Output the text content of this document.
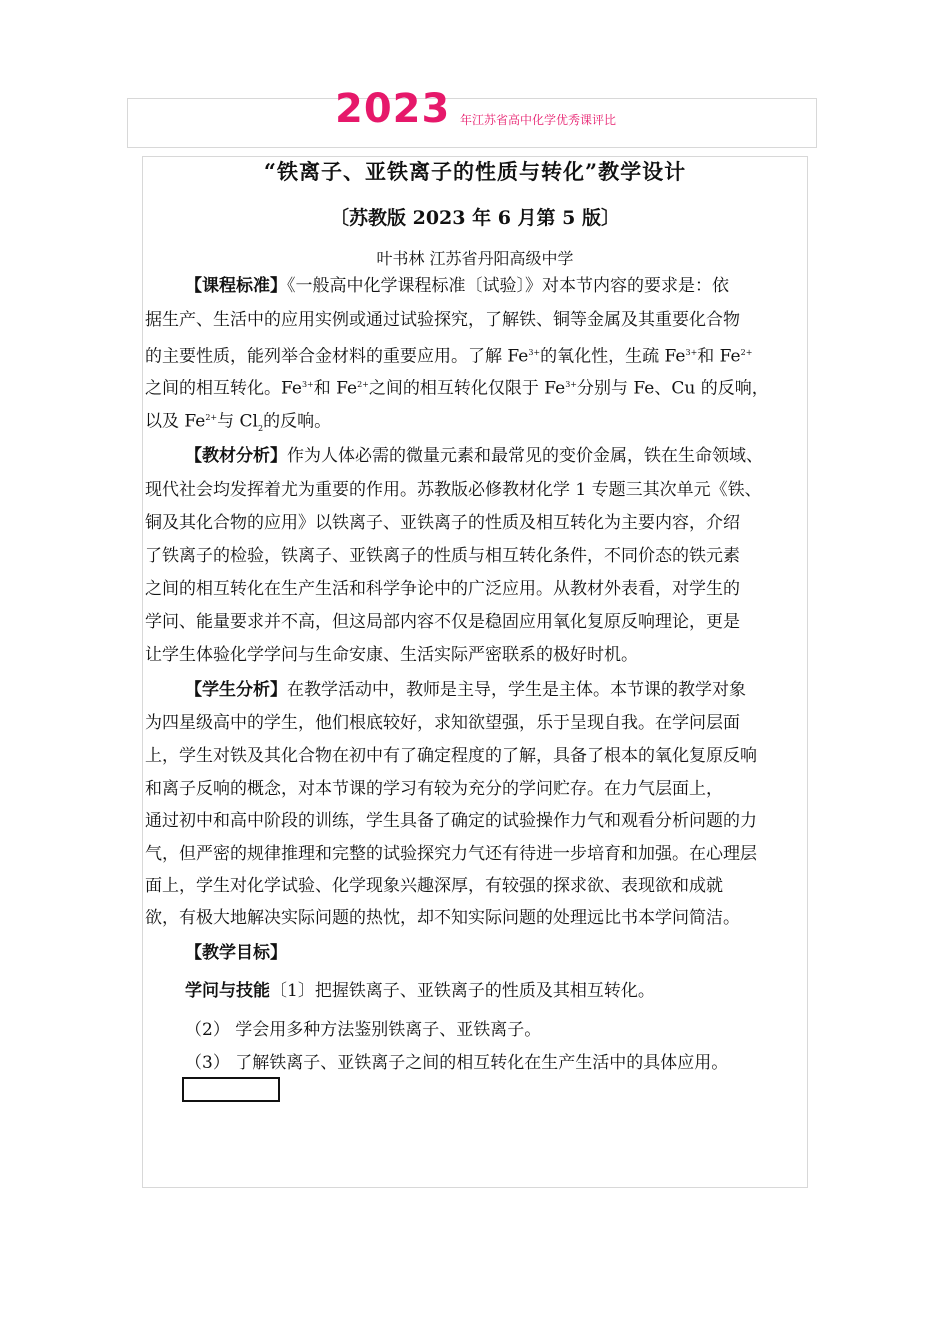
2023 年江苏省高中化学优秀课评比
“铁离子、亚铁离子的性质与转化”教学设计
〔苏教版 2023 年 6 月第 5 版〕
叶书林 江苏省丹阳高级中学
【课程标准】《一般高中化学课程标准〔试验〕》对本节内容的要求是：依
据生产、生活中的应用实例或通过试验探究，了解铁、铜等金属及其重要化合物
的主要性质，能列举合金材料的重要应用。了解 $Fe^{3+}$的氧化性，生疏 $Fe^{3+}$和 $Fe^{2+}$
之间的相互转化。$Fe^{3+}$和 $Fe^{2+}$之间的相互转化仅限于 $Fe^{3+}$分别与 Fe、Cu 的反响，
以及 $Fe^{2+}$与 $Cl_2$的反响。
【教材分析】作为人体必需的微量元素和最常见的变价金属，铁在生命领域、
现代社会均发挥着尤为重要的作用。苏教版必修教材化学 1 专题三其次单元《铁、
铜及其化合物的应用》以铁离子、亚铁离子的性质及相互转化为主要内容，介绍
了铁离子的检验，铁离子、亚铁离子的性质与相互转化条件，不同价态的铁元素
之间的相互转化在生产生活和科学争论中的广泛应用。从教材外表看，对学生的
学问、能量要求并不高，但这局部内容不仅是稳固应用氧化复原反响理论，更是
让学生体验化学学问与生命安康、生活实际严密联系的极好时机。
【学生分析】在教学活动中，教师是主导，学生是主体。本节课的教学对象
为四星级高中的学生，他们根底较好，求知欲望强，乐于呈现自我。在学问层面
上，学生对铁及其化合物在初中有了确定程度的了解，具备了根本的氧化复原反响
和离子反响的概念，对本节课的学习有较为充分的学问贮存。在力气层面上，
通过初中和高中阶段的训练，学生具备了确定的试验操作力气和观看分析问题的力
气，但严密的规律推理和完整的试验探究力气还有待进一步培育和加强。在心理层
面上，学生对化学试验、化学现象兴趣深厚，有较强的探求欲、表现欲和成就
欲，有极大地解决实际问题的热忱，却不知实际问题的处理远比书本学问简洁。
【教学目标】
学问与技能〔1〕把握铁离子、亚铁离子的性质及其相互转化。
（2） 学会用多种方法鉴别铁离子、亚铁离子。
（3） 了解铁离子、亚铁离子之间的相互转化在生产生活中的具体应用。
